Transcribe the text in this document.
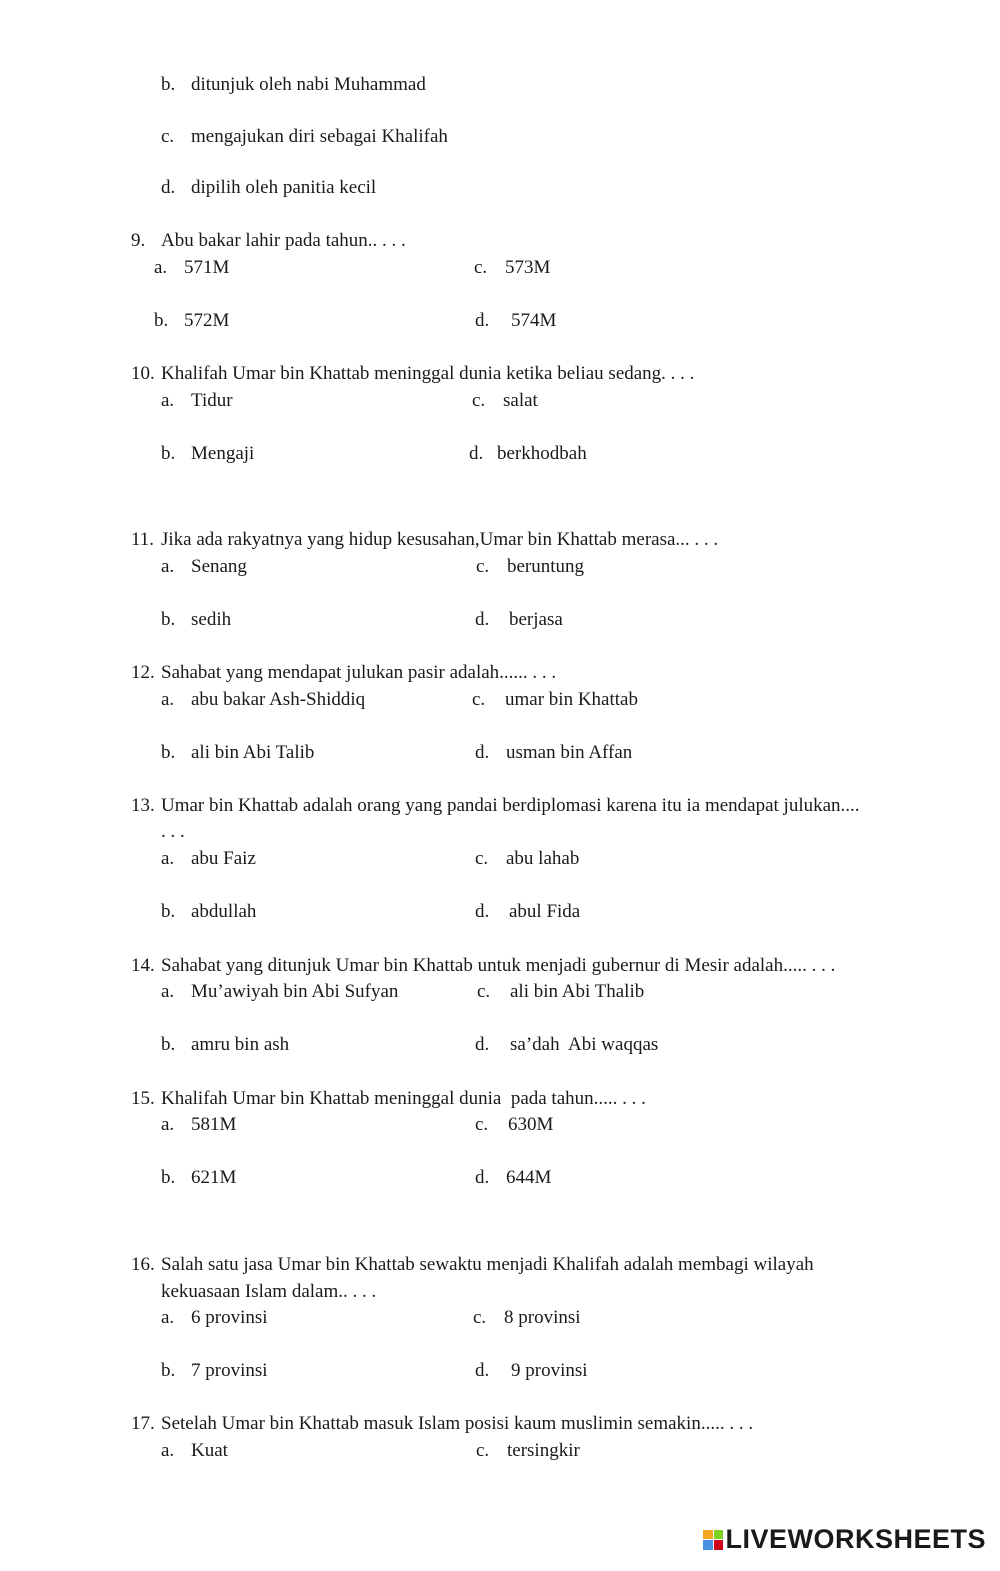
b. ditunjuk oleh nabi Muhammad
c. mengajukan diri sebagai Khalifah
d. dipilih oleh panitia kecil
9. Abu bakar lahir pada tahun.. . . .
a. 571M	c. 573M
b. 572M	d. 574M
10. Khalifah Umar bin Khattab meninggal dunia ketika beliau sedang. . . .
a. Tidur	c. salat
b. Mengaji	d. berkhodbah
11. Jika ada rakyatnya yang hidup kesusahan,Umar bin Khattab merasa... . . .
a. Senang	c. beruntung
b. sedih	d. berjasa
12. Sahabat yang mendapat julukan pasir adalah...... . . .
a. abu bakar Ash-Shiddiq	c. umar bin Khattab
b. ali bin Abi Talib	d. usman bin Affan
13. Umar bin Khattab adalah orang yang pandai berdiplomasi karena itu ia mendapat julukan....
. . .
a. abu Faiz	c. abu lahab
b. abdullah	d. abul Fida
14. Sahabat yang ditunjuk Umar bin Khattab untuk menjadi gubernur di Mesir adalah..... . . .
a. Mu’awiyah bin Abi Sufyan	c. ali bin Abi Thalib
b. amru bin ash	d. sa’dah  Abi waqqas
15. Khalifah Umar bin Khattab meninggal dunia  pada tahun..... . . .
a. 581M	c. 630M
b. 621M	d. 644M
16. Salah satu jasa Umar bin Khattab sewaktu menjadi Khalifah adalah membagi wilayah
kekuasaan Islam dalam.. . . .
a. 6 provinsi	c. 8 provinsi
b. 7 provinsi	d. 9 provinsi
17. Setelah Umar bin Khattab masuk Islam posisi kaum muslimin semakin..... . . .
a. Kuat	c. tersingkir
LIVEWORKSHEETS
